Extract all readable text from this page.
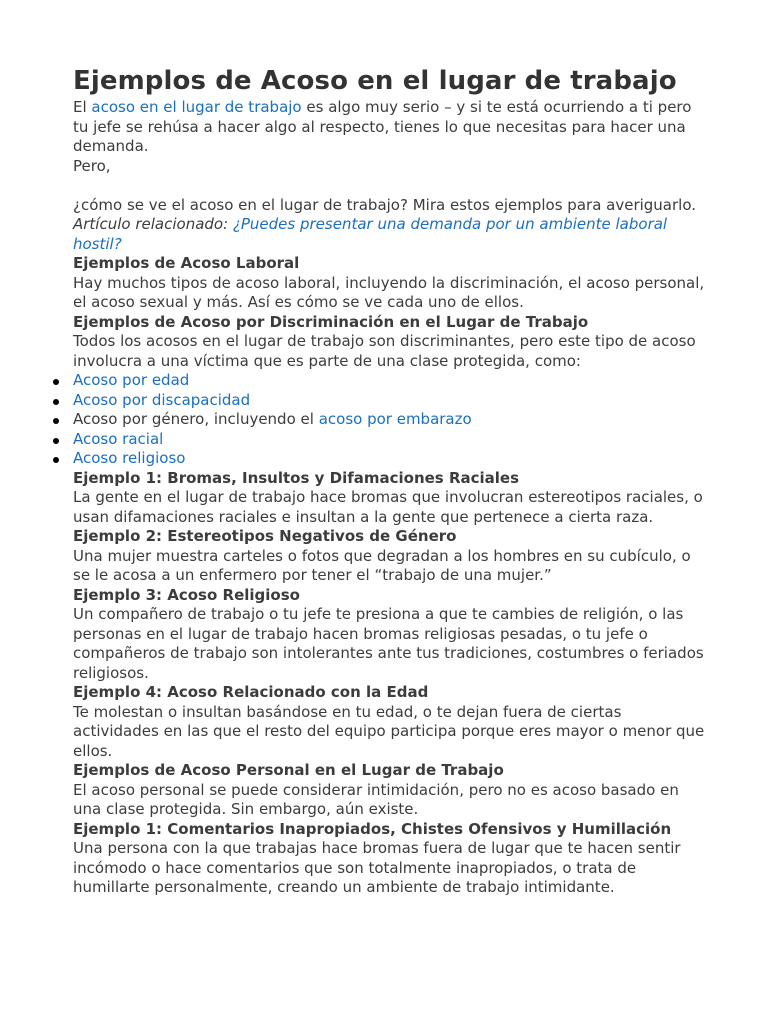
Ejemplos de Acoso en el lugar de trabajo

El acoso en el lugar de trabajo es algo muy serio – y si te está ocurriendo a ti pero tu jefe se rehúsa a hacer algo al respecto, tienes lo que necesitas para hacer una demanda.

Pero,

¿cómo se ve el acoso en el lugar de trabajo? Mira estos ejemplos para averiguarlo.

Artículo relacionado: ¿Puedes presentar una demanda por un ambiente laboral hostil?

Ejemplos de Acoso Laboral

Hay muchos tipos de acoso laboral, incluyendo la discriminación, el acoso personal, el acoso sexual y más. Así es cómo se ve cada uno de ellos.

Ejemplos de Acoso por Discriminación en el Lugar de Trabajo

Todos los acosos en el lugar de trabajo son discriminantes, pero este tipo de acoso involucra a una víctima que es parte de una clase protegida, como:

Acoso por edad
Acoso por discapacidad
Acoso por género, incluyendo el acoso por embarazo
Acoso racial
Acoso religioso
Ejemplo 1: Bromas, Insultos y Difamaciones Raciales

La gente en el lugar de trabajo hace bromas que involucran estereotipos raciales, o usan difamaciones raciales e insultan a la gente que pertenece a cierta raza.

Ejemplo 2: Estereotipos Negativos de Género

Una mujer muestra carteles o fotos que degradan a los hombres en su cubículo, o se le acosa a un enfermero por tener el “trabajo de una mujer.”

Ejemplo 3: Acoso Religioso

Un compañero de trabajo o tu jefe te presiona a que te cambies de religión, o las personas en el lugar de trabajo hacen bromas religiosas pesadas, o tu jefe o compañeros de trabajo son intolerantes ante tus tradiciones, costumbres o feriados religiosos.

Ejemplo 4: Acoso Relacionado con la Edad

Te molestan o insultan basándose en tu edad, o te dejan fuera de ciertas actividades en las que el resto del equipo participa porque eres mayor o menor que ellos.

Ejemplos de Acoso Personal en el Lugar de Trabajo

El acoso personal se puede considerar intimidación, pero no es acoso basado en una clase protegida. Sin embargo, aún existe.

Ejemplo 1: Comentarios Inapropiados, Chistes Ofensivos y Humillación

Una persona con la que trabajas hace bromas fuera de lugar que te hacen sentir incómodo o hace comentarios que son totalmente inapropiados, o trata de humillarte personalmente, creando un ambiente de trabajo intimidante.
